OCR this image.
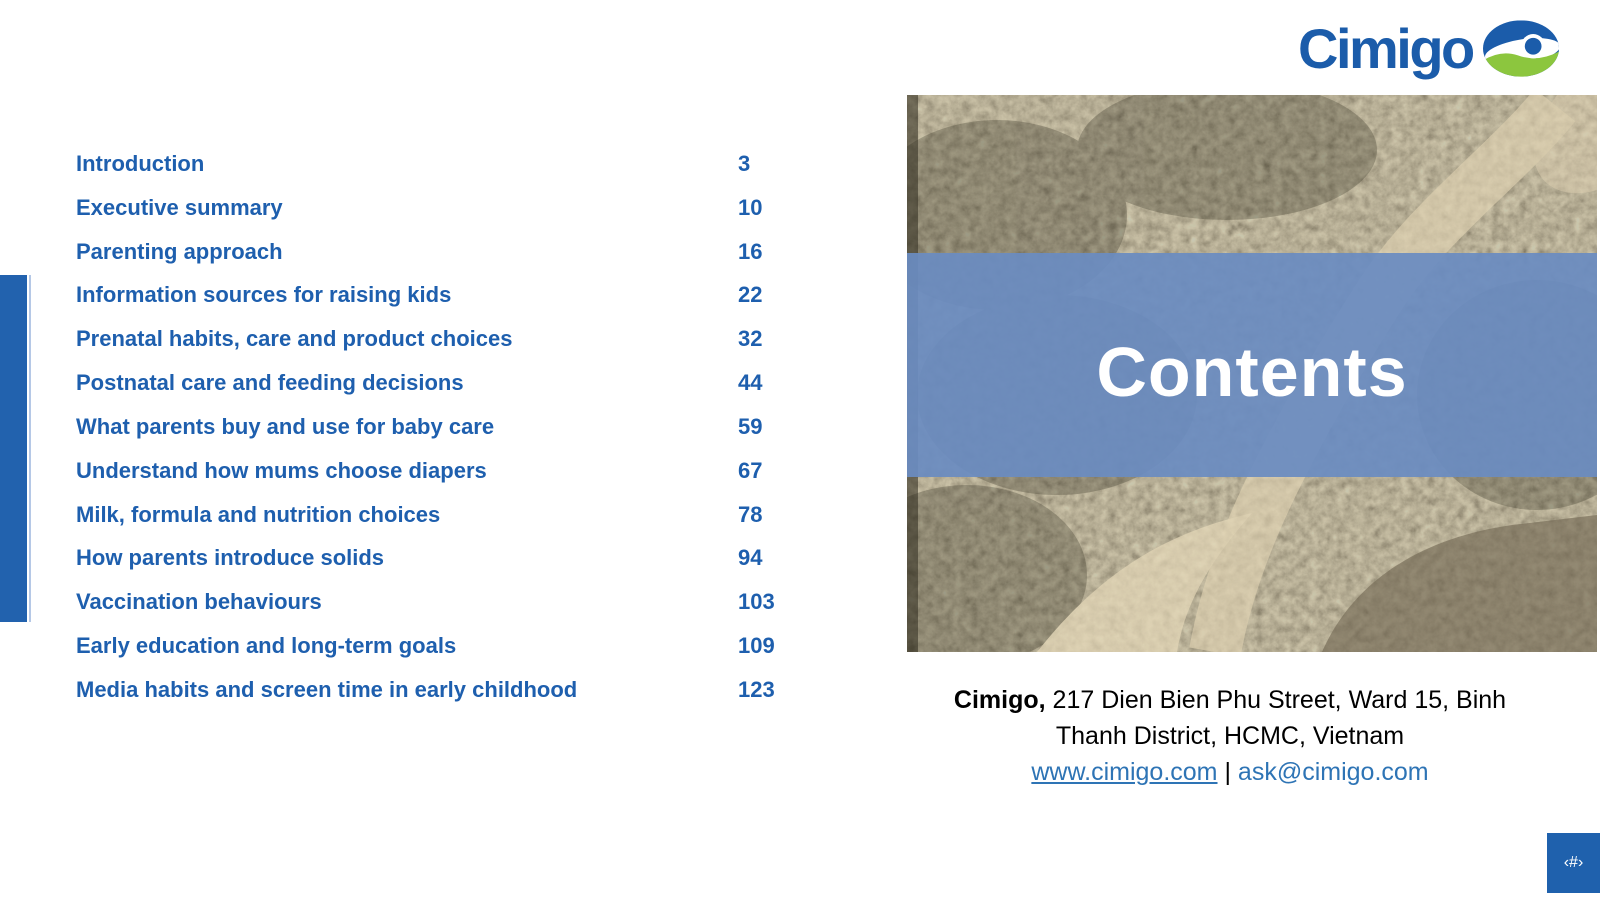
Cimigo
Introduction	3
Executive summary	10
Parenting approach	16
Information sources for raising kids	22
Prenatal habits, care and product choices	32
Postnatal care and feeding decisions	44
What parents buy and use for baby care	59
Understand how mums choose diapers	67
Milk, formula and nutrition choices	78
How parents introduce solids	94
Vaccination behaviours	103
Early education and long-term goals	109
Media habits and screen time in early childhood	123
Contents

Cimigo, 217 Dien Bien Phu Street, Ward 15, Binh

Thanh District, HCMC, Vietnam

www.cimigo.com | ask@cimigo.com

‹#›
